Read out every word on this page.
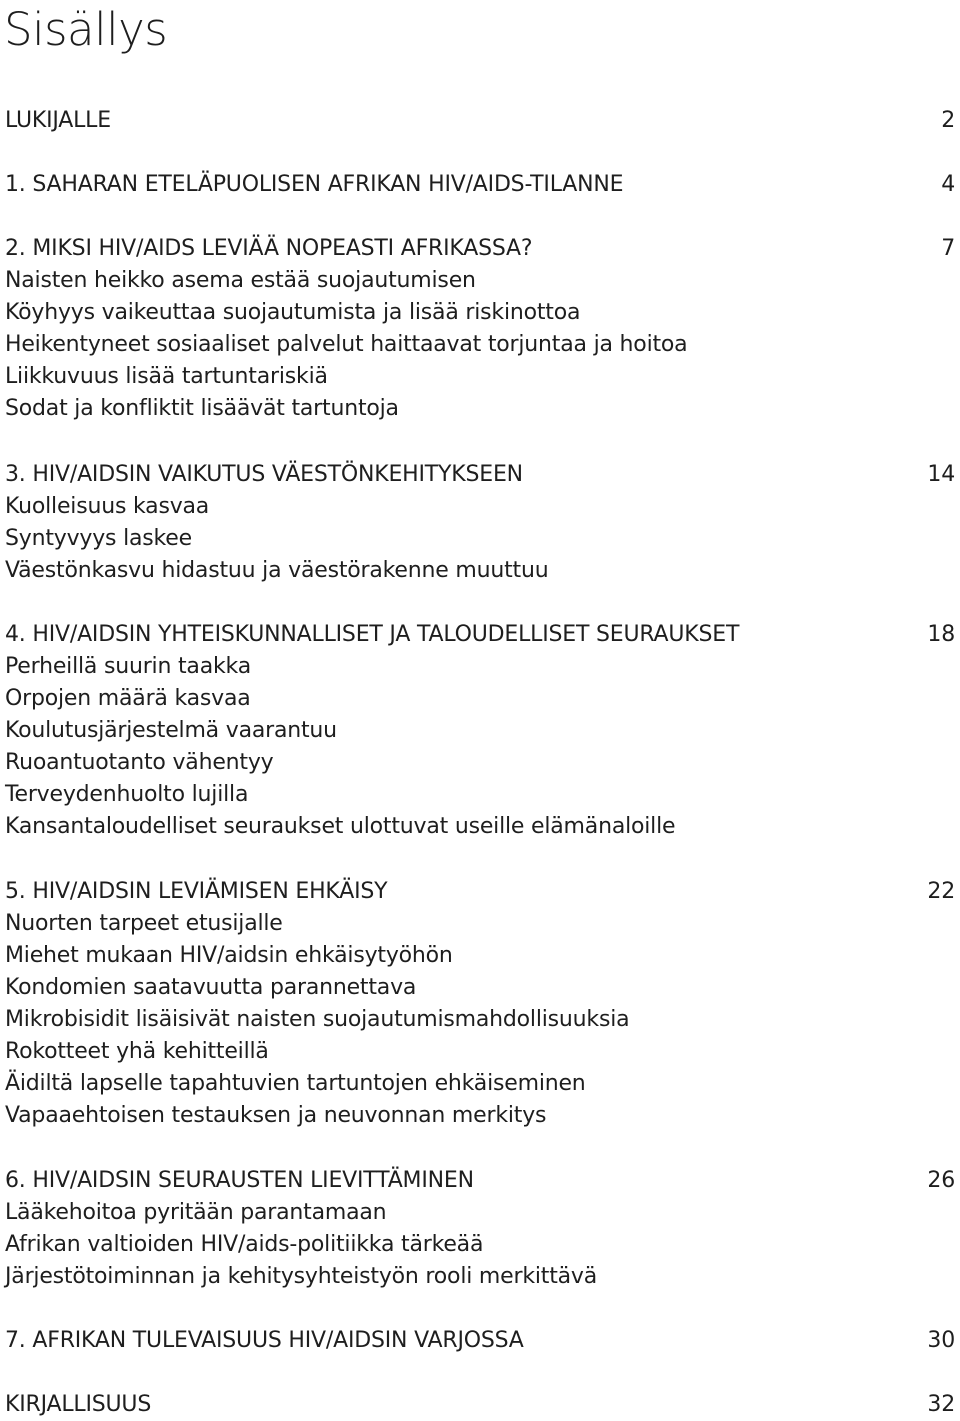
Sisällys
LUKIJALLE	2
1. SAHARAN ETELÄPUOLISEN AFRIKAN HIV/AIDS-TILANNE	4
2. MIKSI HIV/AIDS LEVIÄÄ NOPEASTI AFRIKASSA?	7
Naisten heikko asema estää suojautumisen
Köyhyys vaikeuttaa suojautumista ja lisää riskinottoa
Heikentyneet sosiaaliset palvelut haittaavat torjuntaa ja hoitoa
Liikkuvuus lisää tartuntariskiä
Sodat ja konfliktit lisäävät tartuntoja
3. HIV/AIDSIN VAIKUTUS VÄESTÖNKEHITYKSEEN	14
Kuolleisuus kasvaa
Syntyvyys laskee
Väestönkasvu hidastuu ja väestörakenne muuttuu
4. HIV/AIDSIN YHTEISKUNNALLISET JA TALOUDELLISET SEURAUKSET	18
Perheillä suurin taakka
Orpojen määrä kasvaa
Koulutusjärjestelmä vaarantuu
Ruoantuotanto vähentyy
Terveydenhuolto lujilla
Kansantaloudelliset seuraukset ulottuvat useille elämänaloille
5. HIV/AIDSIN LEVIÄMISEN EHKÄISY	22
Nuorten tarpeet etusijalle
Miehet mukaan HIV/aidsin ehkäisytyöhön
Kondomien saatavuutta parannettava
Mikrobisidit lisäisivät naisten suojautumismahdollisuuksia
Rokotteet yhä kehitteillä
Äidiltä lapselle tapahtuvien tartuntojen ehkäiseminen
Vapaaehtoisen testauksen ja neuvonnan merkitys
6. HIV/AIDSIN SEURAUSTEN LIEVITTÄMINEN	26
Lääkehoitoa pyritään parantamaan
Afrikan valtioiden HIV/aids-politiikka tärkeää
Järjestötoiminnan ja kehitysyhteistyön rooli merkittävä
7. AFRIKAN TULEVAISUUS HIV/AIDSIN VARJOSSA	30
KIRJALLISUUS	32
